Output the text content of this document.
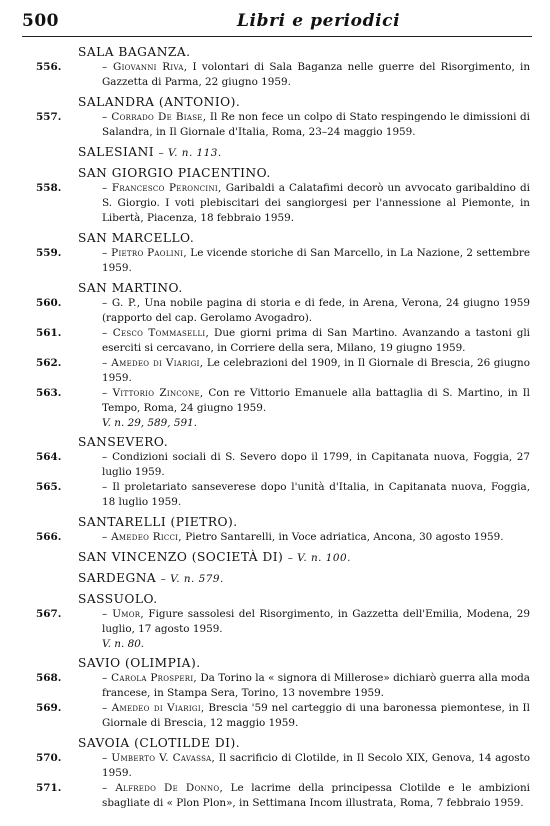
500	Libri e periodici
SALA BAGANZA.
556.	– Giovanni Riva, I volontari di Sala Baganza nelle guerre del Risorgimento, in Gazzetta di Parma, 22 giugno 1959.
SALANDRA (ANTONIO).
557.	– Corrado De Biase, Il Re non fece un colpo di Stato respingendo le dimissioni di Salandra, in Il Giornale d'Italia, Roma, 23–24 maggio 1959.
SALESIANI – V. n. 113.
SAN GIORGIO PIACENTINO.
558.	– Francesco Peroncini, Garibaldi a Calatafimi decorò un avvocato garibaldino di S. Giorgio. I voti plebiscitari dei sangiorgesi per l'annessione al Piemonte, in Libertà, Piacenza, 18 febbraio 1959.
SAN MARCELLO.
559.	– Pietro Paolini, Le vicende storiche di San Marcello, in La Nazione, 2 settembre 1959.
SAN MARTINO.
560.	– G. P., Una nobile pagina di storia e di fede, in Arena, Verona, 24 giugno 1959 (rapporto del cap. Gerolamo Avogadro).
561.	– Cesco Tommaselli, Due giorni prima di San Martino. Avanzando a tastoni gli eserciti si cercavano, in Corriere della sera, Milano, 19 giugno 1959.
562.	– Amedeo di Viarigi, Le celebrazioni del 1909, in Il Giornale di Brescia, 26 giugno 1959.
563.	– Vittorio Zincone, Con re Vittorio Emanuele alla battaglia di S. Martino, in Il Tempo, Roma, 24 giugno 1959.
V. n. 29, 589, 591.
SANSEVERO.
564.	– Condizioni sociali di S. Severo dopo il 1799, in Capitanata nuova, Foggia, 27 luglio 1959.
565.	– Il proletariato sanseverese dopo l'unità d'Italia, in Capitanata nuova, Foggia, 18 luglio 1959.
SANTARELLI (PIETRO).
566.	– Amedeo Ricci, Pietro Santarelli, in Voce adriatica, Ancona, 30 agosto 1959.
SAN VINCENZO (SOCIETÀ DI) – V. n. 100.
SARDEGNA – V. n. 579.
SASSUOLO.
567.	– Umor, Figure sassolesi del Risorgimento, in Gazzetta dell'Emilia, Modena, 29 luglio, 17 agosto 1959.
V. n. 80.
SAVIO (OLIMPIA).
568.	– Carola Prosperi, Da Torino la « signora di Millerose» dichiarò guerra alla moda francese, in Stampa Sera, Torino, 13 novembre 1959.
569.	– Amedeo di Viarigi, Brescia '59 nel carteggio di una baronessa piemontese, in Il Giornale di Brescia, 12 maggio 1959.
SAVOIA (CLOTILDE DI).
570.	– Umberto V. Cavassa, Il sacrificio di Clotilde, in Il Secolo XIX, Genova, 14 agosto 1959.
571.	– Alfredo De Donno, Le lacrime della principessa Clotilde e le ambizioni sbagliate di « Plon Plon», in Settimana Incom illustrata, Roma, 7 febbraio 1959.
